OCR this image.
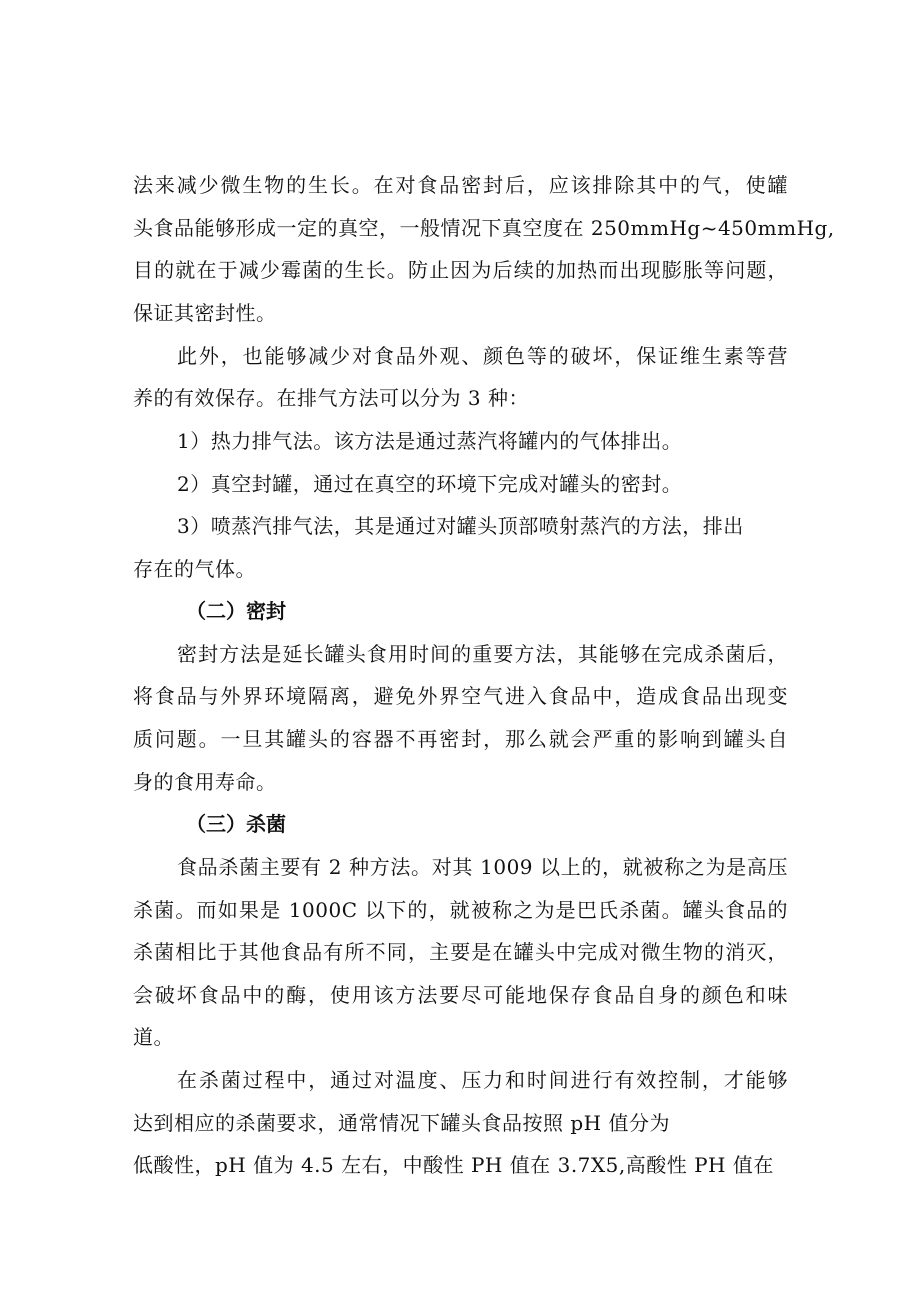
法来减少微生物的生长。在对食品密封后，应该排除其中的气，使罐
头食品能够形成一定的真空，一般情况下真空度在 250mmHg~450mmHg,
目的就在于减少霉菌的生长。防止因为后续的加热而出现膨胀等问题，
保证其密封性。
此外，也能够减少对食品外观、颜色等的破坏，保证维生素等营
养的有效保存。在排气方法可以分为 3 种：
1）热力排气法。该方法是通过蒸汽将罐内的气体排出。
2）真空封罐，通过在真空的环境下完成对罐头的密封。
3）喷蒸汽排气法，其是通过对罐头顶部喷射蒸汽的方法，排出
存在的气体。
（二）密封
密封方法是延长罐头食用时间的重要方法，其能够在完成杀菌后，
将食品与外界环境隔离，避免外界空气进入食品中，造成食品出现变
质问题。一旦其罐头的容器不再密封，那么就会严重的影响到罐头自
身的食用寿命。
（三）杀菌
食品杀菌主要有 2 种方法。对其 1009 以上的，就被称之为是高压
杀菌。而如果是 1000C 以下的，就被称之为是巴氏杀菌。罐头食品的
杀菌相比于其他食品有所不同，主要是在罐头中完成对微生物的消灭，
会破坏食品中的酶，使用该方法要尽可能地保存食品自身的颜色和味
道。
在杀菌过程中，通过对温度、压力和时间进行有效控制，才能够
达到相应的杀菌要求，通常情况下罐头食品按照 pH 值分为
低酸性，pH 值为 4.5 左右，中酸性 PH 值在 3.7X5,高酸性 PH 值在
